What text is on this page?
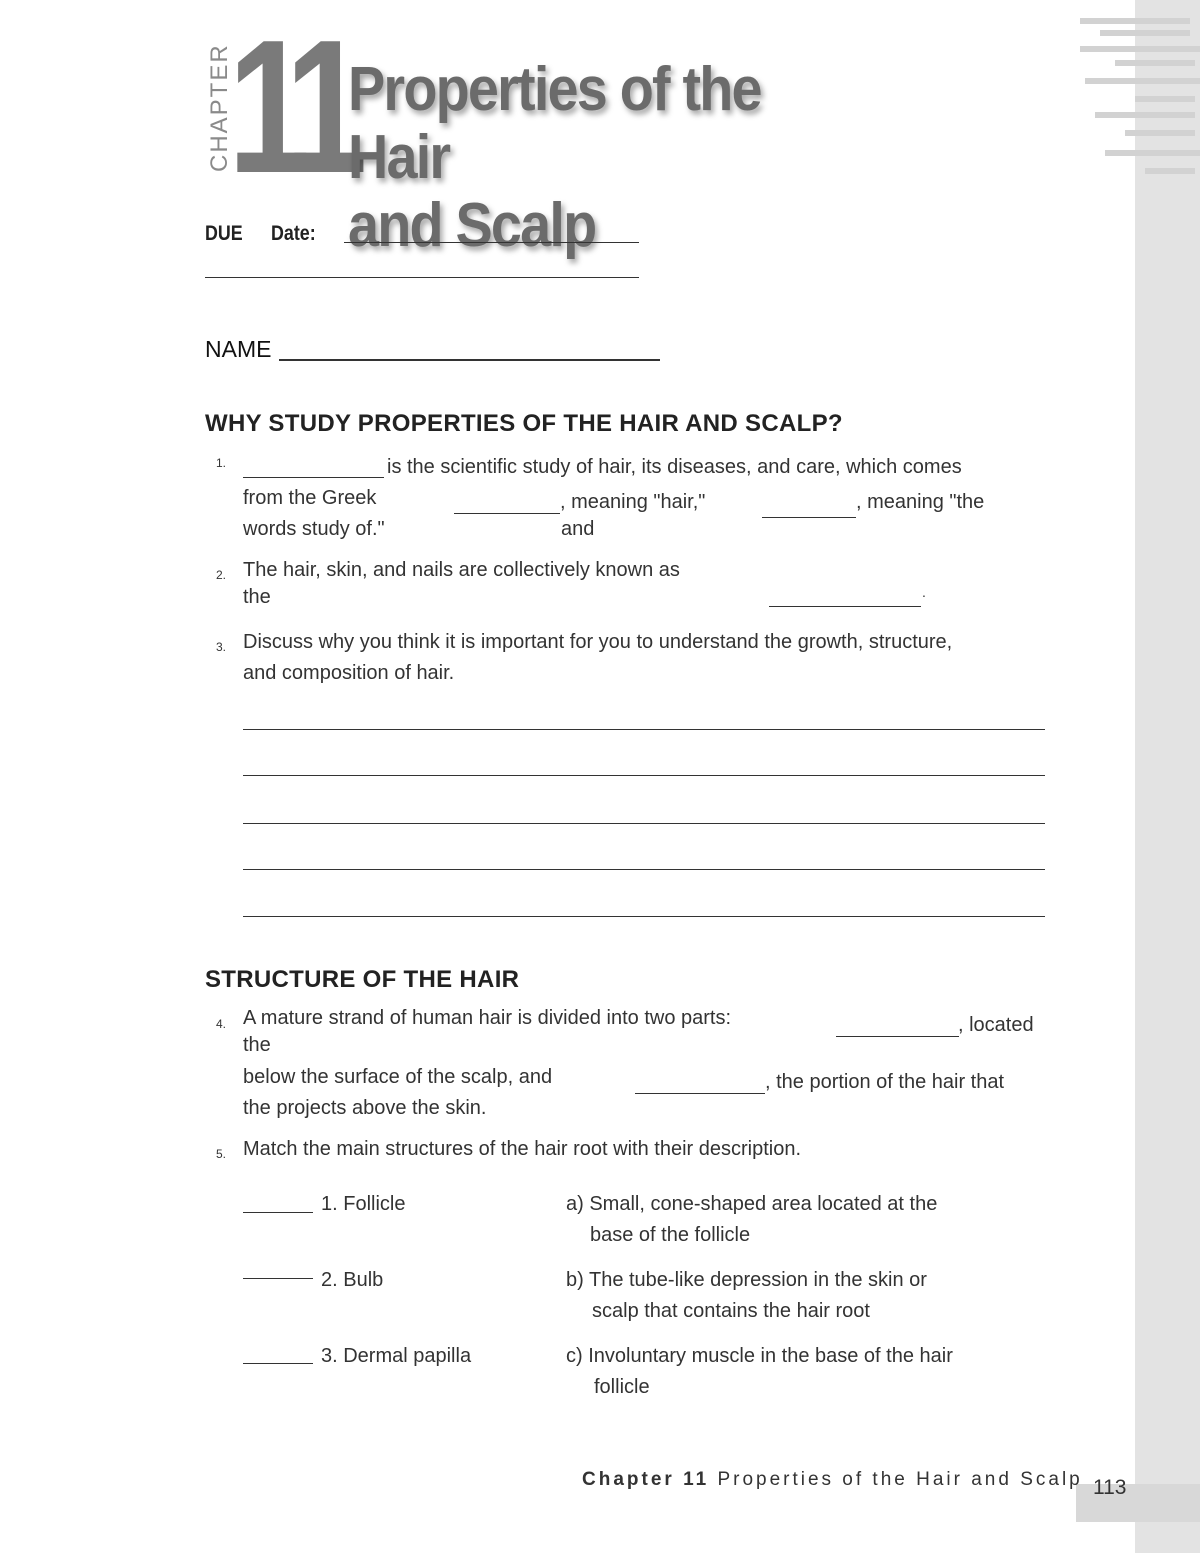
CHAPTER
11
Properties of the Hair
and Scalp
DUE Date:
NAME
WHY STUDY PROPERTIES OF THE HAIR AND SCALP?
1.	is the scientific study of hair, its diseases, and care, which comes
from the Greek	, meaning "hair,"	, meaning "the
words study of."	and
2. The hair, skin, and nails are collectively known as
the	.
3. Discuss why you think it is important for you to understand the growth, structure,
and composition of hair.
STRUCTURE OF THE HAIR
4. A mature strand of human hair is divided into two parts:	, located
the
below the surface of the scalp, and	, the portion of the hair that
the projects above the skin.
5. Match the main structures of the hair root with their description.
1. Follicle	a) Small, cone-shaped area located at the
base of the follicle
2. Bulb	b) The tube-like depression in the skin or
scalp that contains the hair root
3. Dermal papilla	c) Involuntary muscle in the base of the hair
follicle
Chapter 11 Properties of the Hair and Scalp 113
